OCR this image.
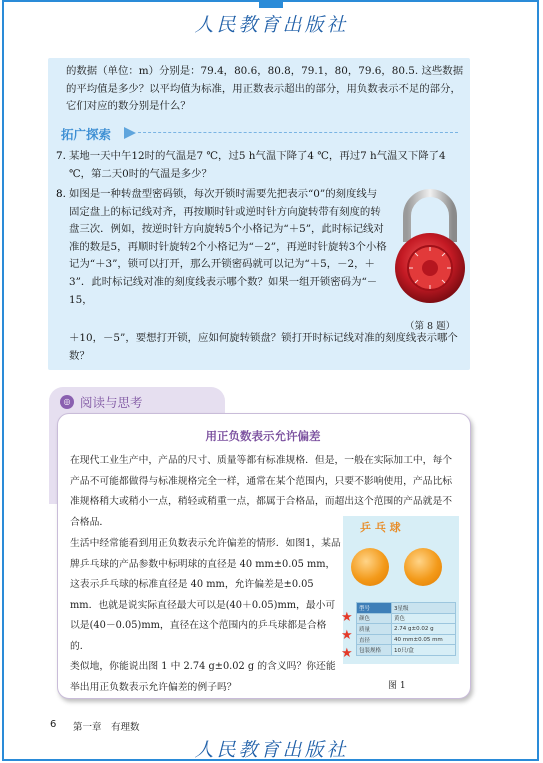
人民教育出版社
的数据（单位：m）分别是：79.4，80.6，80.8，79.1，80，79.6，80.5. 这些数据的平均值是多少？以平均值为标准，用正数表示超出的部分，用负数表示不足的部分，它们对应的数分别是什么？
拓广探索
7. 某地一天中午12时的气温是7 ℃，过5 h气温下降了4 ℃，再过7 h气温又下降了4 ℃，第二天0时的气温是多少？
8. 如图是一种转盘型密码锁，每次开锁时需要先把表示“0”的刻度线与固定盘上的标记线对齐，再按顺时针或逆时针方向旋转带有刻度的转盘三次．例如，按逆时针方向旋转5个小格记为“＋5”，此时标记线对准的数是5，再顺时针旋转2个小格记为“－2”，再逆时针旋转3个小格记为“＋3”，锁可以打开，那么开锁密码就可以记为“＋5，－2，＋3”．此时标记线对准的刻度线表示哪个数？如果一组开锁密码为“－15，
＋10，－5”，要想打开锁，应如何旋转锁盘？锁打开时标记线对准的刻度线表示哪个数？
（第 8 题）
◎ 阅读与思考
用正负数表示允许偏差
在现代工业生产中，产品的尺寸、质量等都有标准规格．但是，一般在实际加工中，每个产品不可能都做得与标准规格完全一样，通常在某个范围内，只要不影响使用，产品比标准规格稍大或稍小一点，稍轻或稍重一点，都属于合格品，而超出这个范围的产品就是不合格品．
生活中经常能看到用正负数表示允许偏差的情形．如图1，某品牌乒乓球的产品参数中标明球的直径是 40 mm±0.05 mm，这表示乒乓球的标准直径是 40 mm，允许偏差是±0.05 mm．也就是说实际直径最大可以是(40＋0.05)mm，最小可以是(40－0.05)mm，直径在这个范围内的乒乓球都是合格的．
类似地，你能说出图 1 中 2.74 g±0.02 g 的含义吗？你还能举出用正负数表示允许偏差的例子吗？
乒 乓 球
★
★
★
型号	3星级
颜色	黄色
质量	2.74 g±0.02 g
直径	40 mm±0.05 mm
包装规格	10只/盒
图 1
6 第一章　有理数
人民教育出版社
